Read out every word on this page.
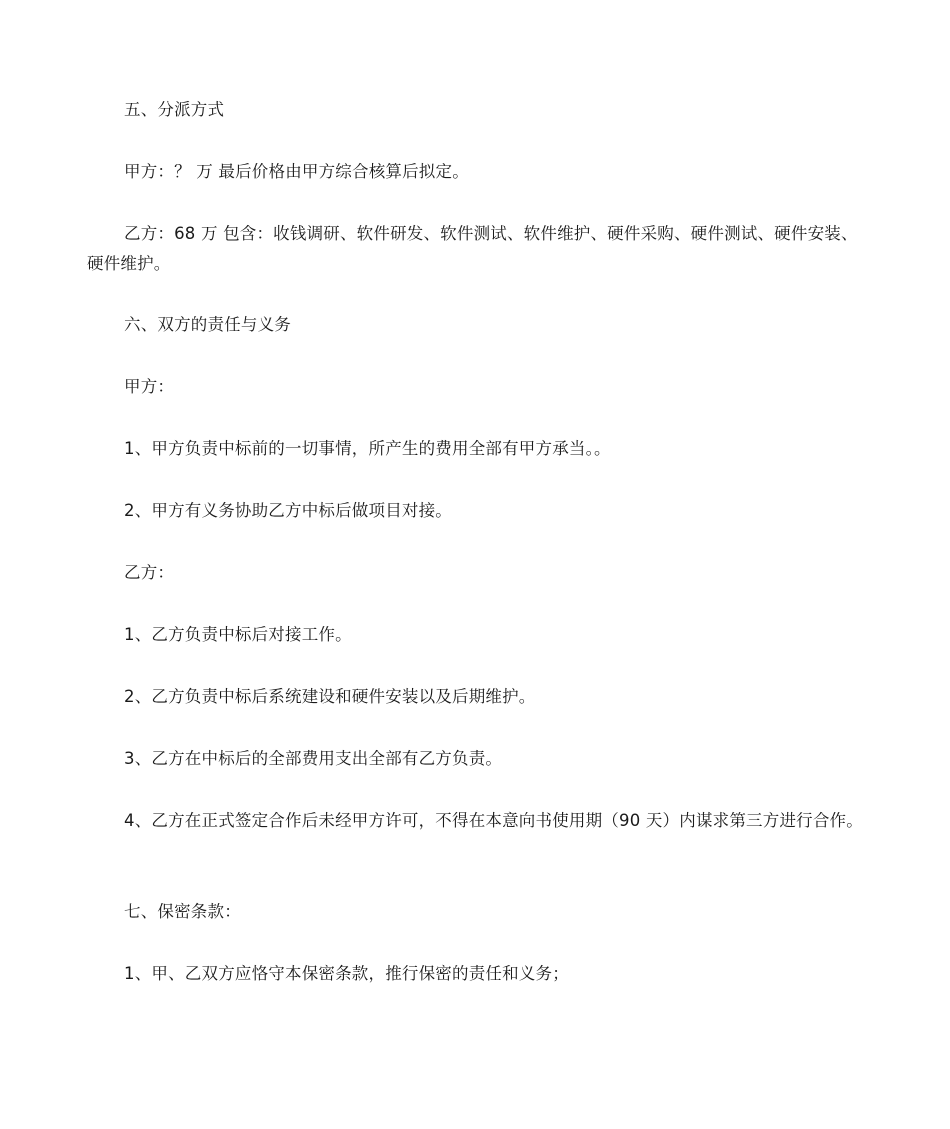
五、分派方式

甲方：？ 万 最后价格由甲方综合核算后拟定。

乙方：68 万 包含：收钱调研、软件研发、软件测试、软件维护、硬件采购、硬件测试、硬件安装、硬件维护。

六、双方的责任与义务

甲方：

1、甲方负责中标前的一切事情，所产生的费用全部有甲方承当。。

2、甲方有义务协助乙方中标后做项目对接。

乙方：

1、乙方负责中标后对接工作。

2、乙方负责中标后系统建设和硬件安装以及后期维护。

3、乙方在中标后的全部费用支出全部有乙方负责。

4、乙方在正式签定合作后未经甲方许可，不得在本意向书使用期（90 天）内谋求第三方进行合作。

七、保密条款：

1、甲、乙双方应恪守本保密条款，推行保密的责任和义务；
